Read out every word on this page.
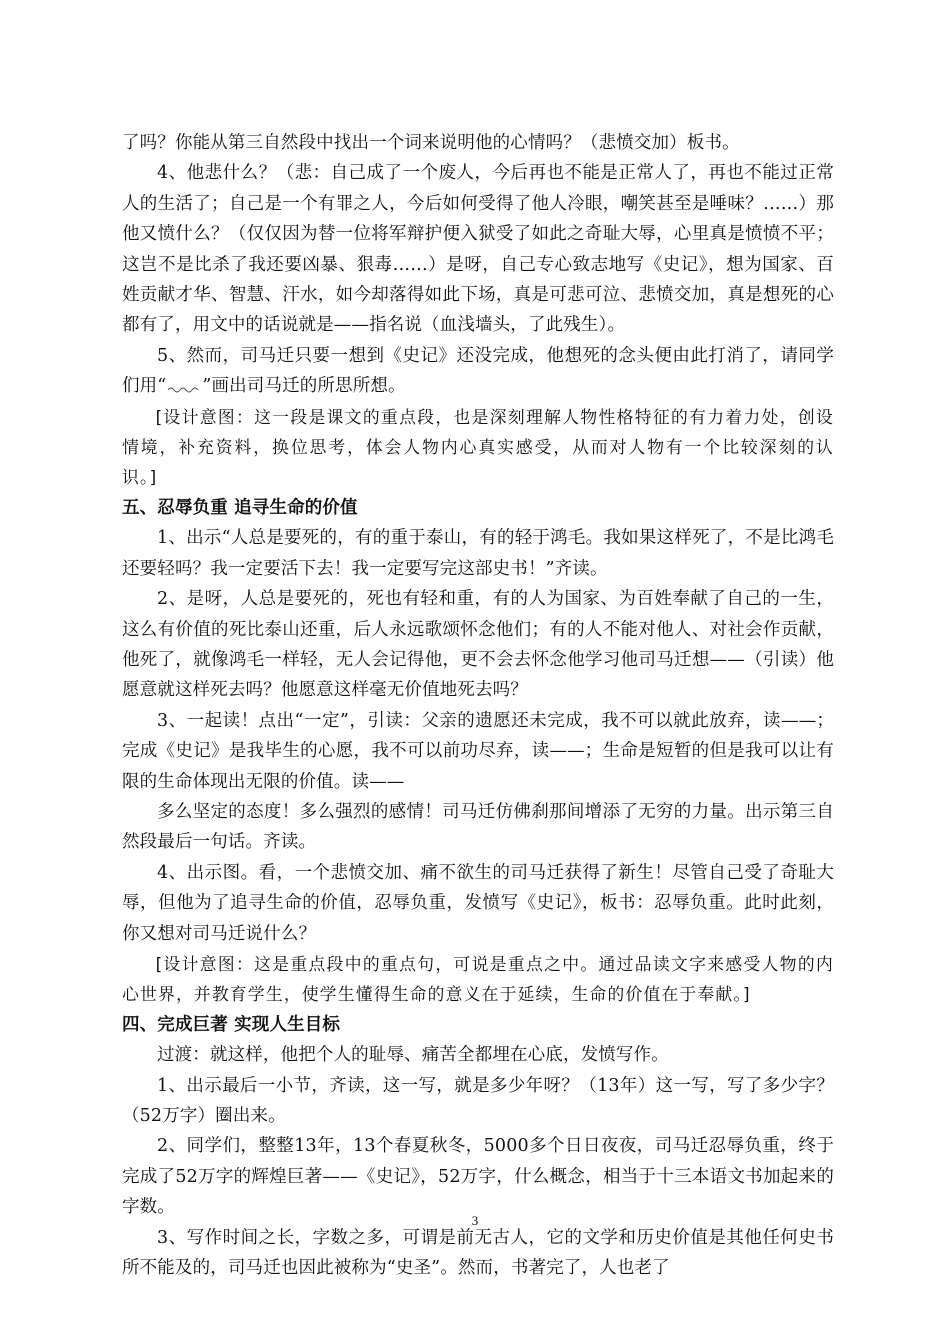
了吗？你能从第三自然段中找出一个词来说明他的心情吗？（悲愤交加）板书。

4、他悲什么？（悲：自己成了一个废人，今后再也不能是正常人了，再也不能过正常人的生活了；自己是一个有罪之人，今后如何受得了他人冷眼，嘲笑甚至是唾味？……）那他又愤什么？（仅仅因为替一位将军辩护便入狱受了如此之奇耻大辱，心里真是愤愤不平；这岂不是比杀了我还要凶暴、狠毒……）是呀，自己专心致志地写《史记》，想为国家、百姓贡献才华、智慧、汗水，如今却落得如此下场，真是可悲可泣、悲愤交加，真是想死的心都有了，用文中的话说就是——指名说（血浅墙头，了此残生）。

5、然而，司马迁只要一想到《史记》还没完成，他想死的念头便由此打消了，请同学们用“ ”画出司马迁的所思所想。

[设计意图：这一段是课文的重点段，也是深刻理解人物性格特征的有力着力处，创设情境，补充资料，换位思考，体会人物内心真实感受，从而对人物有一个比较深刻的认识。]

五、忍辱负重 追寻生命的价值

1、出示“人总是要死的，有的重于泰山，有的轻于鸿毛。我如果这样死了，不是比鸿毛还要轻吗？我一定要活下去！我一定要写完这部史书！”齐读。

2、是呀，人总是要死的，死也有轻和重，有的人为国家、为百姓奉献了自己的一生，这么有价值的死比泰山还重，后人永远歌颂怀念他们；有的人不能对他人、对社会作贡献，他死了，就像鸿毛一样轻，无人会记得他，更不会去怀念他学习他司马迁想——（引读）他愿意就这样死去吗？他愿意这样毫无价值地死去吗？

3、一起读！点出“一定”，引读：父亲的遗愿还未完成，我不可以就此放弃，读——；完成《史记》是我毕生的心愿，我不可以前功尽弃，读——；生命是短暂的但是我可以让有限的生命体现出无限的价值。读——

多么坚定的态度！多么强烈的感情！司马迁仿佛刹那间增添了无穷的力量。出示第三自然段最后一句话。齐读。

4、出示图。看，一个悲愤交加、痛不欲生的司马迁获得了新生！尽管自己受了奇耻大辱，但他为了追寻生命的价值，忍辱负重，发愤写《史记》，板书：忍辱负重。此时此刻，你又想对司马迁说什么？

[设计意图：这是重点段中的重点句，可说是重点之中。通过品读文字来感受人物的内心世界，并教育学生，使学生懂得生命的意义在于延续，生命的价值在于奉献。]

四、完成巨著 实现人生目标

过渡：就这样，他把个人的耻辱、痛苦全都埋在心底，发愤写作。

1、出示最后一小节，齐读，这一写，就是多少年呀？（13年）这一写，写了多少字？（52万字）圈出来。

2、同学们，整整13年，13个春夏秋冬，5000多个日日夜夜，司马迁忍辱负重，终于完成了52万字的辉煌巨著——《史记》，52万字，什么概念，相当于十三本语文书加起来的字数。

3、写作时间之长，字数之多，可谓是前无古人，它的文学和历史价值是其他任何史书所不能及的，司马迁也因此被称为“史圣”。然而，书著完了，人也老了

3
